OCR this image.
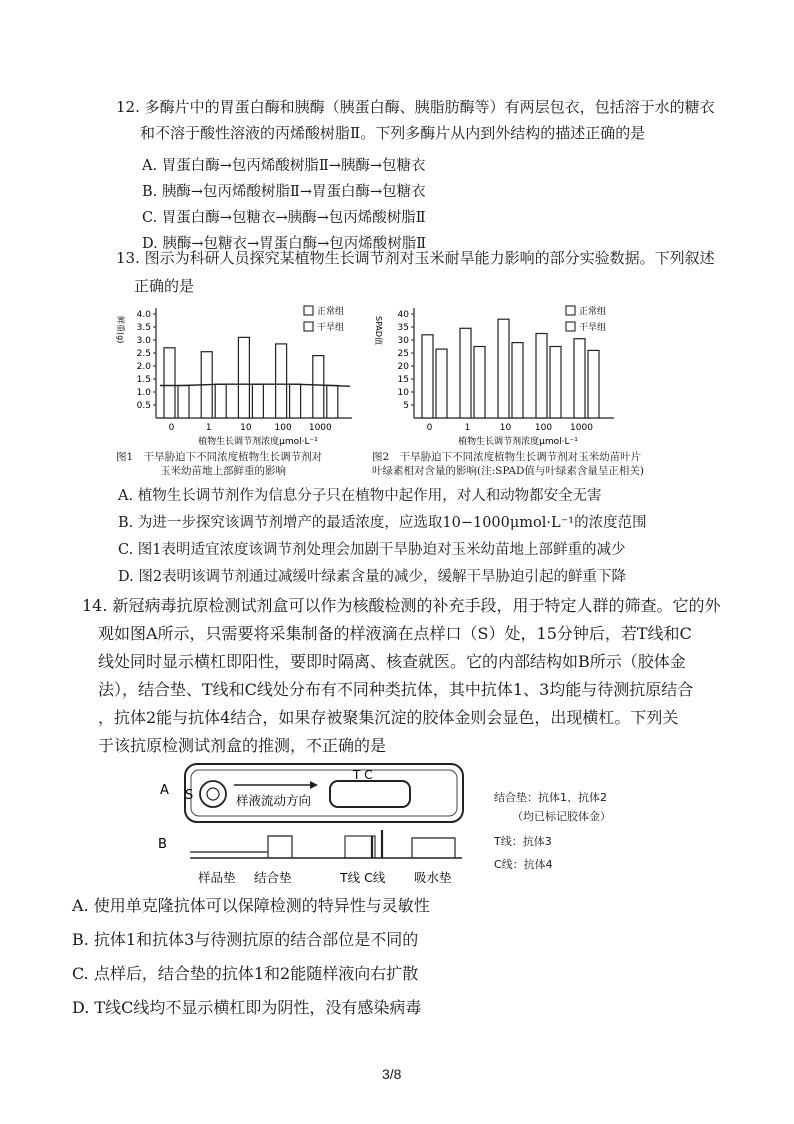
12. 多酶片中的胃蛋白酶和胰酶（胰蛋白酶、胰脂肪酶等）有两层包衣，包括溶于水的糖衣
和不溶于酸性溶液的丙烯酸树脂Ⅱ。下列多酶片从内到外结构的描述正确的是
A. 胃蛋白酶→包丙烯酸树脂Ⅱ→胰酶→包糖衣
B. 胰酶→包丙烯酸树脂Ⅱ→胃蛋白酶→包糖衣
C. 胃蛋白酶→包糖衣→胰酶→包丙烯酸树脂Ⅱ
D. 胰酶→包糖衣→胃蛋白酶→包丙烯酸树脂Ⅱ
13. 图示为科研人员探究某植物生长调节剂对玉米耐旱能力影响的部分实验数据。下列叙述
正确的是
鲜重(g)
0.5
1.0
1.5
2.0
2.5
3.0
3.5
4.0
0	1	10	100 1000
植物生长调节剂浓度μmol·L⁻¹
正常组
干旱组	SPAD值
5
10
15
20
25
30
35
40
0	1	10	100 1000
植物生长调节剂浓度μmol·L⁻¹
正常组
干旱组
图1　干旱胁迫下不同浓度植物生长调节剂对
玉米幼苗地上部鲜重的影响
图2　干旱胁迫下不同浓度植物生长调节剂对玉米幼苗叶片
叶绿素相对含量的影响(注:SPAD值与叶绿素含量呈正相关)
A. 植物生长调节剂作为信息分子只在植物中起作用，对人和动物都安全无害
B. 为进一步探究该调节剂增产的最适浓度，应选取10−1000μmol·L⁻¹的浓度范围
C. 图1表明适宜浓度该调节剂处理会加剧干旱胁迫对玉米幼苗地上部鲜重的减少
D. 图2表明该调节剂通过减缓叶绿素含量的减少，缓解干旱胁迫引起的鲜重下降
14. 新冠病毒抗原检测试剂盒可以作为核酸检测的补充手段，用于特定人群的筛查。它的外
观如图A所示，只需要将采集制备的样液滴在点样口（S）处，15分钟后，若T线和C
线处同时显示横杠即阳性，要即时隔离、核查就医。它的内部结构如B所示（胶体金
法），结合垫、T线和C线处分布有不同种类抗体，其中抗体1、3均能与待测抗原结合
，抗体2能与抗体4结合，如果存被聚集沉淀的胶体金则会显色，出现横杠。下列关
于该抗原检测试剂盒的推测，不正确的是
A S	样液流动方向
T C
B
样品垫 结合垫	T线 C线 吸水垫
结合垫：抗体1、抗体2
（均已标记胶体金）
T线：抗体3
C线：抗体4
A. 使用单克隆抗体可以保障检测的特异性与灵敏性
B. 抗体1和抗体3与待测抗原的结合部位是不同的
C. 点样后，结合垫的抗体1和2能随样液向右扩散
D. T线C线均不显示横杠即为阴性，没有感染病毒
3/8
